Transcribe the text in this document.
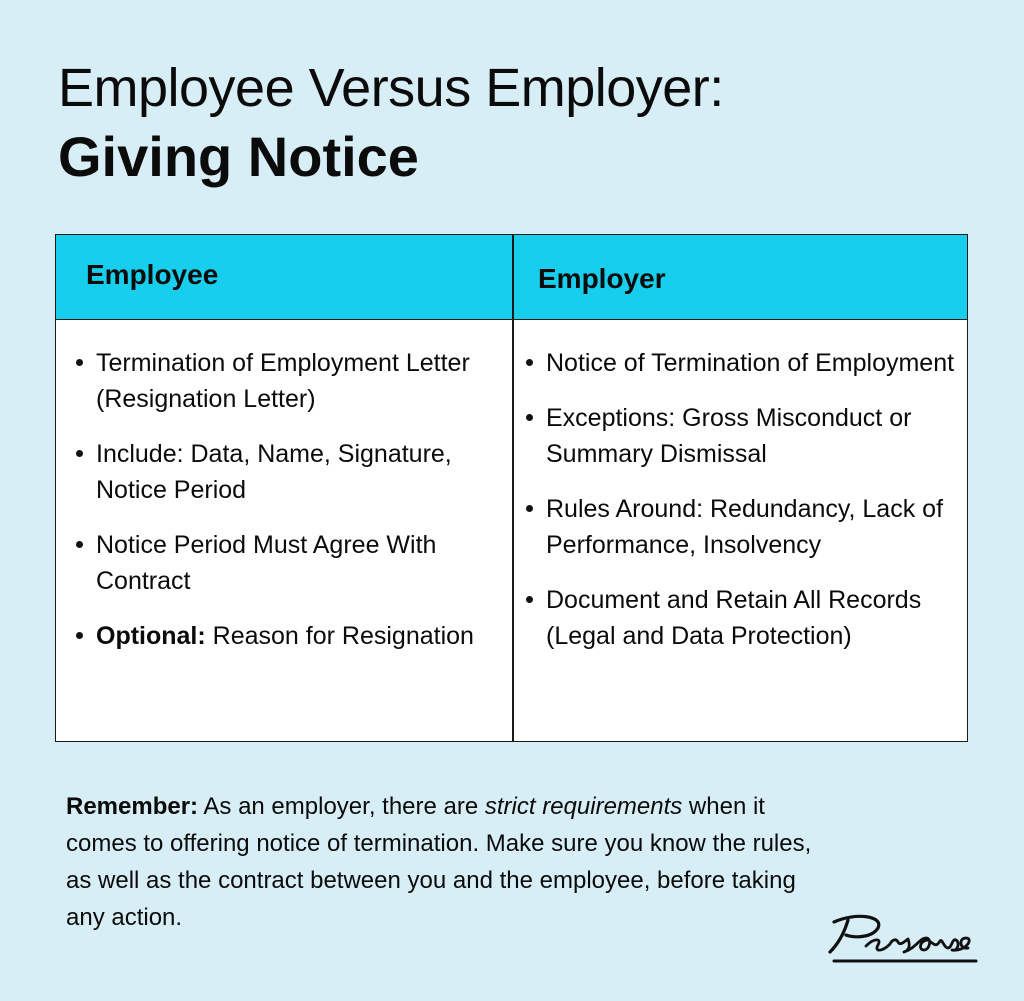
Employee Versus Employer:
Giving Notice
Employee	Employer
Termination of Employment Letter (Resignation Letter)
Include: Data, Name, Signature, Notice Period
Notice Period Must Agree With Contract
Optional: Reason for Resignation
Notice of Termination of Employment
Exceptions: Gross Misconduct or Summary Dismissal
Rules Around: Redundancy, Lack of Performance, Insolvency
Document and Retain All Records (Legal and Data Protection)

Remember: As an employer, there are strict requirements when it comes to offering notice of termination. Make sure you know the rules, as well as the contract between you and the employee, before taking any action.
